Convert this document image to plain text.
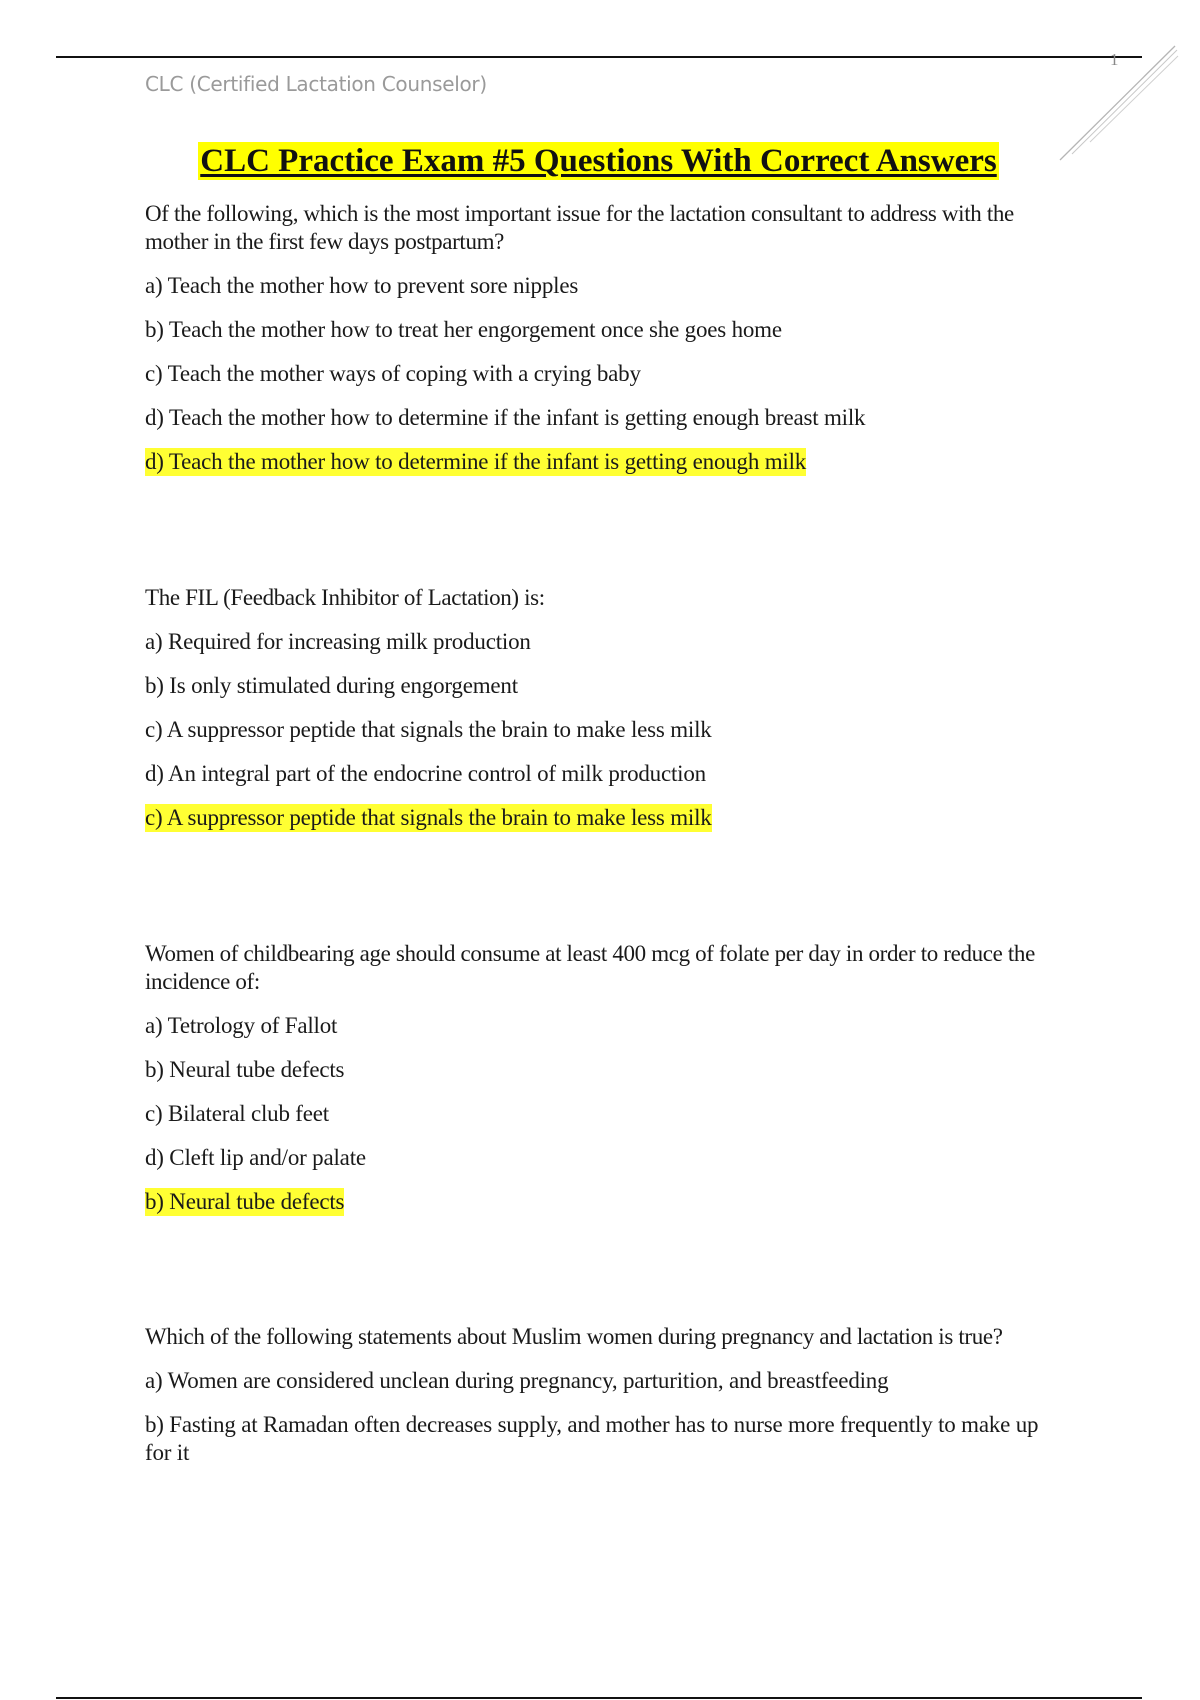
1
CLC (Certified Lactation Counselor)
CLC Practice Exam #5 Questions With Correct Answers

Of the following, which is the most important issue for the lactation consultant to address with the mother in the first few days postpartum?

a) Teach the mother how to prevent sore nipples

b) Teach the mother how to treat her engorgement once she goes home

c) Teach the mother ways of coping with a crying baby

d) Teach the mother how to determine if the infant is getting enough breast milk

d) Teach the mother how to determine if the infant is getting enough milk

The FIL (Feedback Inhibitor of Lactation) is:

a) Required for increasing milk production

b) Is only stimulated during engorgement

c) A suppressor peptide that signals the brain to make less milk

d) An integral part of the endocrine control of milk production

c) A suppressor peptide that signals the brain to make less milk

Women of childbearing age should consume at least 400 mcg of folate per day in order to reduce the incidence of:

a) Tetrology of Fallot

b) Neural tube defects

c) Bilateral club feet

d) Cleft lip and/or palate

b) Neural tube defects

Which of the following statements about Muslim women during pregnancy and lactation is true?

a) Women are considered unclean during pregnancy, parturition, and breastfeeding

b) Fasting at Ramadan often decreases supply, and mother has to nurse more frequently to make up for it
